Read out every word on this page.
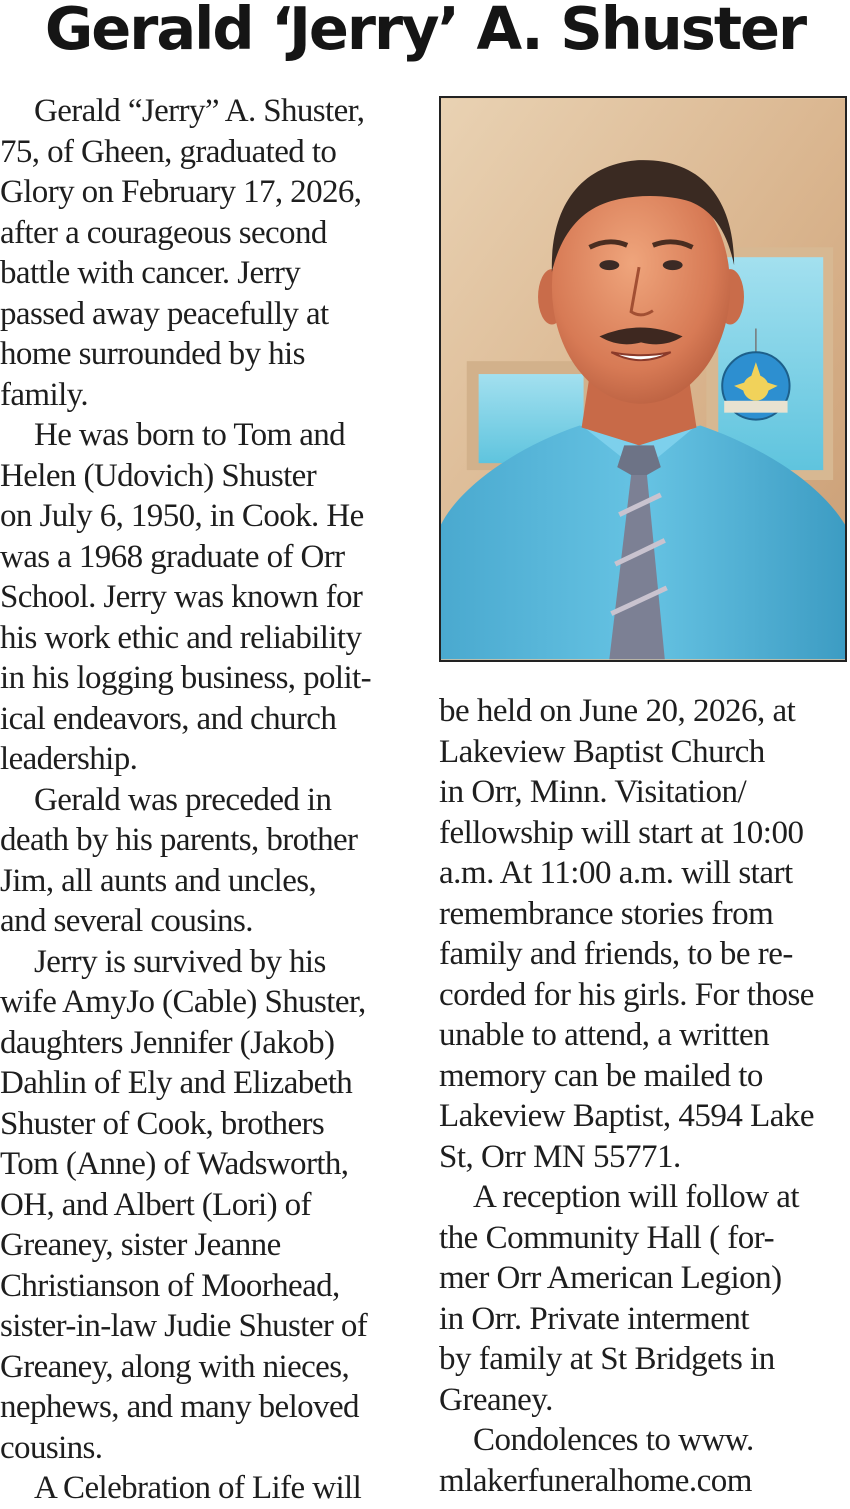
Gerald ‘Jerry’ A. Shuster
Gerald “Jerry” A. Shuster,
75, of Gheen, graduated to
Glory on February 17, 2026,
after a courageous second
battle with cancer. Jerry
passed away peacefully at
home surrounded by his
family.
He was born to Tom and
Helen (Udovich) Shuster
on July 6, 1950, in Cook. He
was a 1968 graduate of Orr
School. Jerry was known for
his work ethic and reliability
in his logging business, polit-
ical endeavors, and church
leadership.
Gerald was preceded in
death by his parents, brother
Jim, all aunts and uncles,
and several cousins.
Jerry is survived by his
wife AmyJo (Cable) Shuster,
daughters Jennifer (Jakob)
Dahlin of Ely and Elizabeth
Shuster of Cook, brothers
Tom (Anne) of Wadsworth,
OH, and Albert (Lori) of
Greaney, sister Jeanne
Christianson of Moorhead,
sister-in-law Judie Shuster of
Greaney, along with nieces,
nephews, and many beloved
cousins.
A Celebration of Life will
be held on June 20, 2026, at
Lakeview Baptist Church
in Orr, Minn. Visitation/
fellowship will start at 10:00
a.m. At 11:00 a.m. will start
remembrance stories from
family and friends, to be re-
corded for his girls. For those
unable to attend, a written
memory can be mailed to
Lakeview Baptist, 4594 Lake
St, Orr MN 55771.
A reception will follow at
the Community Hall ( for-
mer Orr American Legion)
in Orr. Private interment
by family at St Bridgets in
Greaney.
Condolences to www.
mlakerfuneralhome.com
